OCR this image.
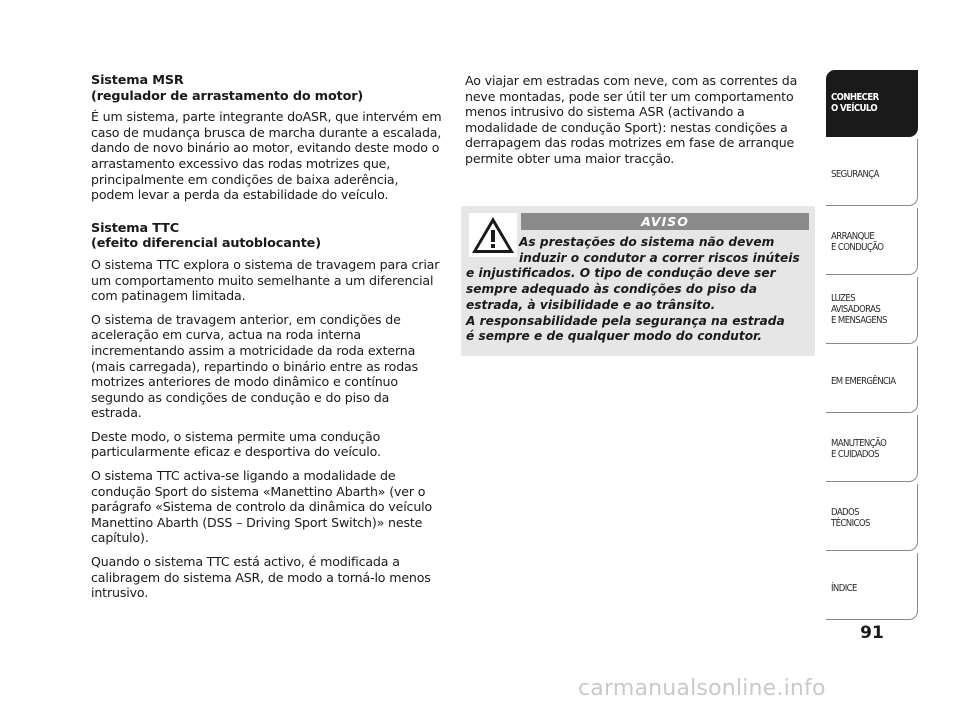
Sistema MSR
(regulador de arrastamento do motor)

É um sistema, parte integrante doASR, que intervém em caso de mudança brusca de marcha durante a escalada, dando de novo binário ao motor, evitando deste modo o arrastamento excessivo das rodas motrizes que, principalmente em condições de baixa aderência, podem levar a perda da estabilidade do veículo.

Sistema TTC
(efeito diferencial autoblocante)

O sistema TTC explora o sistema de travagem para criar um comportamento muito semelhante a um diferencial com patinagem limitada.

O sistema de travagem anterior, em condições de aceleração em curva, actua na roda interna incrementando assim a motricidade da roda externa (mais carregada), repartindo o binário entre as rodas motrizes anteriores de modo dinâmico e contínuo segundo as condições de condução e do piso da estrada.

Deste modo, o sistema permite uma condução particularmente eficaz e desportiva do veículo.

O sistema TTC activa-se ligando a modalidade de condução Sport do sistema «Manettino Abarth» (ver o parágrafo «Sistema de controlo da dinâmica do veículo Manettino Abarth (DSS – Driving Sport Switch)» neste capítulo).

Quando o sistema TTC está activo, é modificada a calibragem do sistema ASR, de modo a torná-lo menos intrusivo.

Ao viajar em estradas com neve, com as correntes da neve montadas, pode ser útil ter um comportamento menos intrusivo do sistema ASR (activando a modalidade de condução Sport): nestas condições a derrapagem das rodas motrizes em fase de arranque permite obter uma maior tracção.

AVISO
As prestações do sistema não devem
induzir o condutor a correr riscos inúteis
e injustificados. O tipo de condução deve ser
sempre adequado às condições do piso da
estrada, à visibilidade e ao trânsito.
A responsabilidade pela segurança na estrada
é sempre e de qualquer modo do condutor.
CONHECER
O VEÍCULO
SEGURANÇA
ARRANQUE
E CONDUÇÃO
LUZES
AVISADORAS
E MENSAGENS
EM EMERGÊNCIA
MANUTENÇÃO
E CUIDADOS
DADOS
TÉCNICOS
ÍNDICE
91
carmanualsonline.info
